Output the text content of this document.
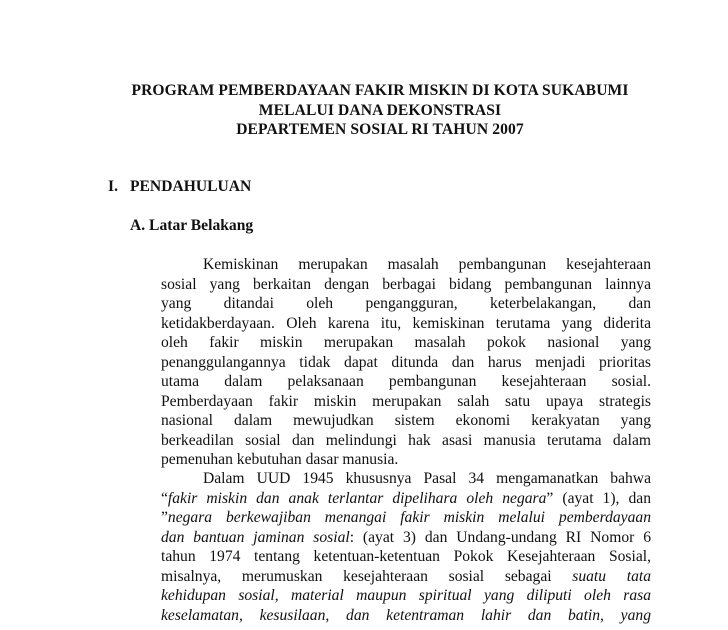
PROGRAM PEMBERDAYAAN FAKIR MISKIN DI KOTA SUKABUMI
MELALUI DANA DEKONSTRASI
DEPARTEMEN SOSIAL RI TAHUN 2007
I. PENDAHULUAN
A. Latar Belakang
Kemiskinan merupakan masalah pembangunan kesejahteraan
sosial yang berkaitan dengan berbagai bidang pembangunan lainnya
yang ditandai oleh pengangguran, keterbelakangan, dan
ketidakberdayaan. Oleh karena itu, kemiskinan terutama yang diderita
oleh fakir miskin merupakan masalah pokok nasional yang
penanggulangannya tidak dapat ditunda dan harus menjadi prioritas
utama dalam pelaksanaan pembangunan kesejahteraan sosial.
Pemberdayaan fakir miskin merupakan salah satu upaya strategis
nasional dalam mewujudkan sistem ekonomi kerakyatan yang
berkeadilan sosial dan melindungi hak asasi manusia terutama dalam
pemenuhan kebutuhan dasar manusia.
Dalam UUD 1945 khususnya Pasal 34 mengamanatkan bahwa
“fakir miskin dan anak terlantar dipelihara oleh negara” (ayat 1), dan
”negara berkewajiban menangai fakir miskin melalui pemberdayaan
dan bantuan jaminan sosial: (ayat 3) dan Undang-undang RI Nomor 6
tahun 1974 tentang ketentuan-ketentuan Pokok Kesejahteraan Sosial,
misalnya, merumuskan kesejahteraan sosial sebagai suatu tata
kehidupan sosial, material maupun spiritual yang diliputi oleh rasa
keselamatan, kesusilaan, dan ketentraman lahir dan batin, yang
